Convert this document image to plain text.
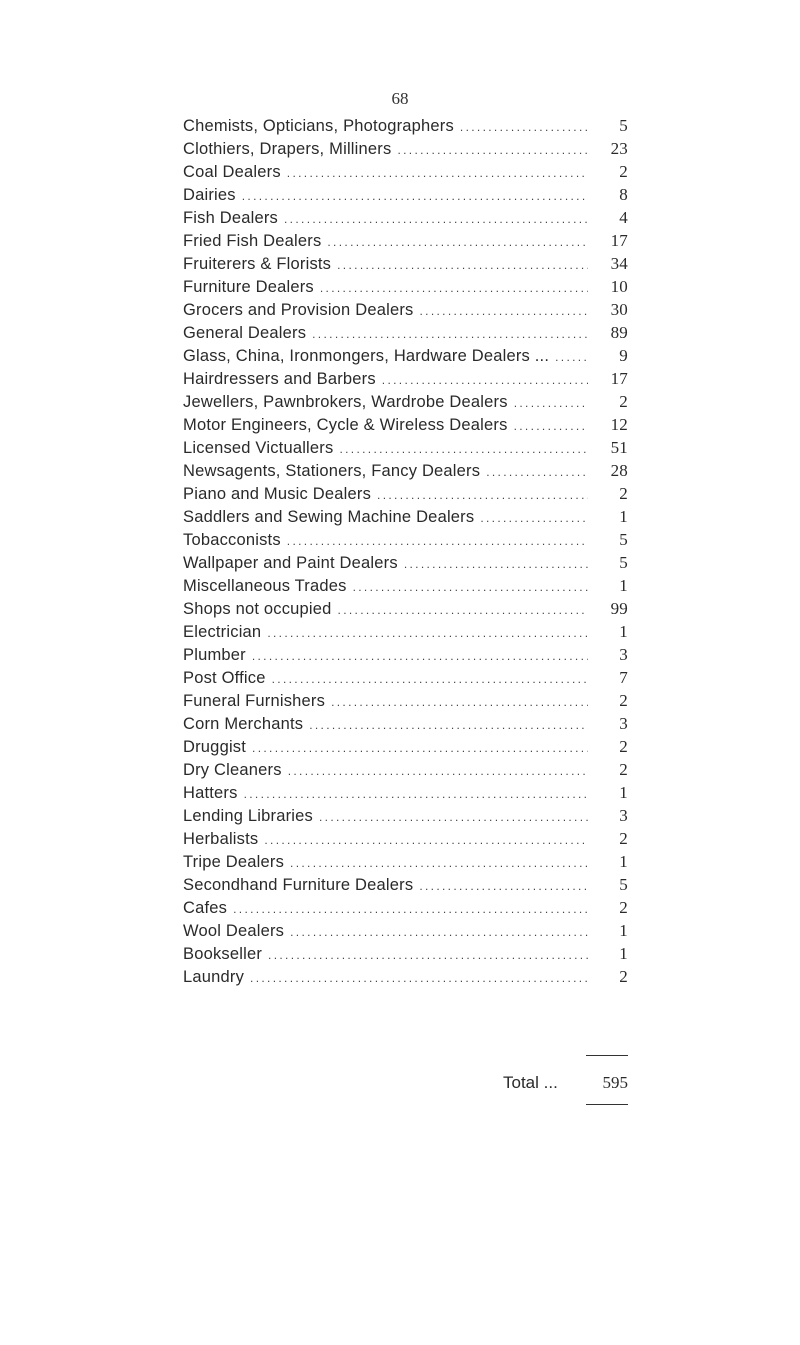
68
Chemists, Opticians, Photographers . . .	5
Clothiers, Drapers, Milliners . . .	23
Coal Dealers . . .	2
Dairies . . .	8
Fish Dealers . . .	4
Fried Fish Dealers . . .	17
Fruiterers & Florists . . .	34
Furniture Dealers . . .	10
Grocers and Provision Dealers . . .	30
General Dealers . . .	89
Glass, China, Ironmongers, Hardware Dealers ... . . .	9
Hairdressers and Barbers . . .	17
Jewellers, Pawnbrokers, Wardrobe Dealers . . .	2
Motor Engineers, Cycle & Wireless Dealers . . .	12
Licensed Victuallers . . .	51
Newsagents, Stationers, Fancy Dealers . . .	28
Piano and Music Dealers . . .	2
Saddlers and Sewing Machine Dealers . . .	1
Tobacconists . . .	5
Wallpaper and Paint Dealers . . .	5
Miscellaneous Trades . . .	1
Shops not occupied . . .	99
Electrician . . .	1
Plumber . . .	3
Post Office . . .	7
Funeral Furnishers . . .	2
Corn Merchants . . .	3
Druggist . . .	2
Dry Cleaners . . .	2
Hatters . . .	1
Lending Libraries . . .	3
Herbalists . . .	2
Tripe Dealers . . .	1
Secondhand Furniture Dealers . . .	5
Cafes . . .	2
Wool Dealers . . .	1
Bookseller . . .	1
Laundry . . .	2
Total ...	595
